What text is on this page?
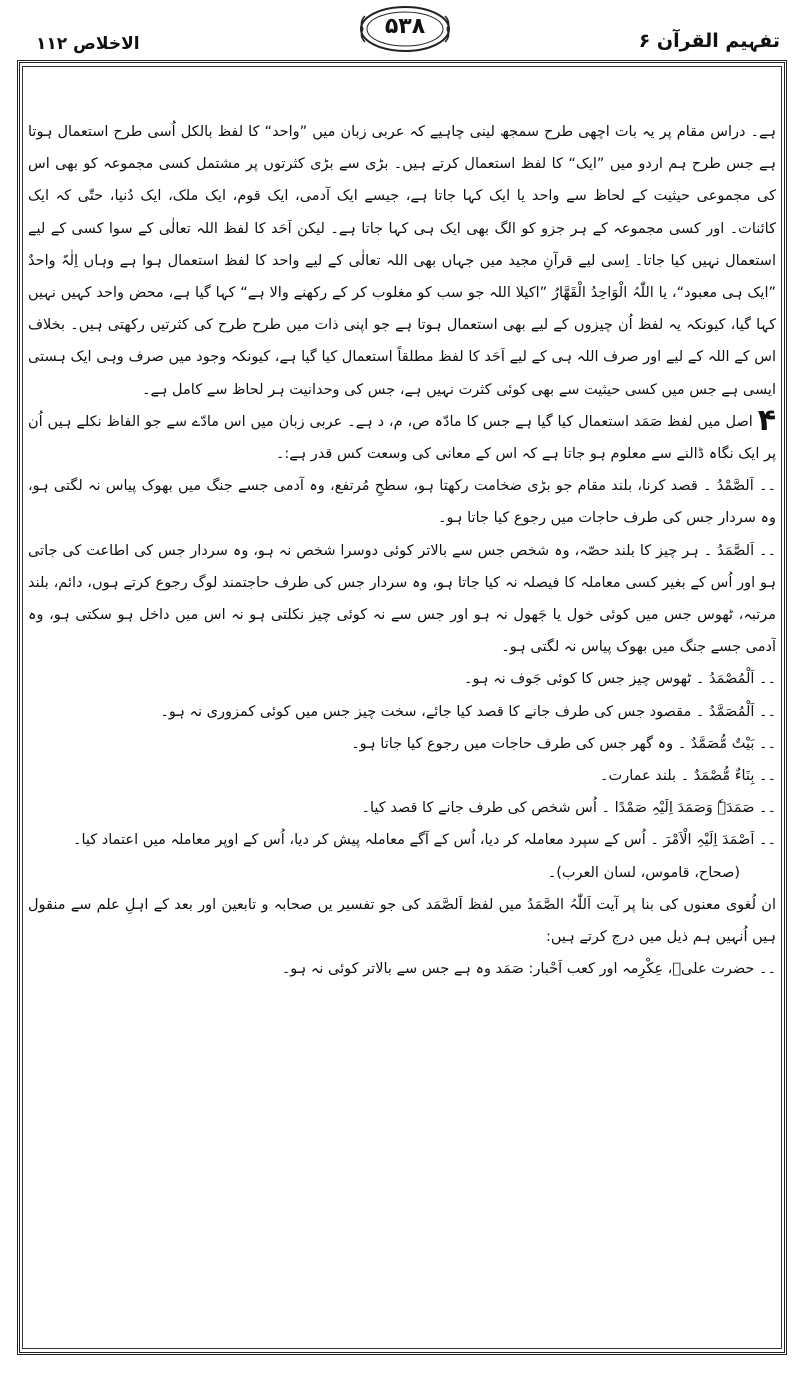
الاخلاص ۱۱۲
۵۳۸
تفہیم القرآن ۶

ہے۔ دراس مقام پر یہ بات اچھی طرح سمجھ لینی چاہیے کہ عربی زبان میں ”واحد“ کا لفظ بالکل اُسی طرح استعمال ہوتا ہے جس طرح ہم اردو میں ”ایک“ کا لفظ استعمال کرتے ہیں۔ بڑی سے بڑی کثرتوں پر مشتمل کسی مجموعہ کو بھی اس کی مجموعی حیثیت کے لحاظ سے واحد یا ایک کہا جاتا ہے، جیسے ایک آدمی، ایک قوم، ایک ملک، ایک دُنیا، حتّٰی کہ ایک کائنات۔ اور کسی مجموعہ کے ہر جزو کو الگ بھی ایک ہی کہا جاتا ہے۔ لیکن اَحَد کا لفظ اللہ تعالٰی کے سوا کسی کے لیے استعمال نہیں کیا جاتا۔ اِسی لیے قرآنِ مجید میں جہاں بھی اللہ تعالٰی کے لیے واحد کا لفظ استعمال ہوا ہے وہاں اِلٰہٌ واحدٌ ”ایک ہی معبود“، یا اللّٰہُ الْوَاحِدُ الْقَھَّارُ ”اکیلا اللہ جو سب کو مغلوب کر کے رکھنے والا ہے“ کہا گیا ہے، محض واحد کہیں نہیں کہا گیا، کیونکہ یہ لفظ اُن چیزوں کے لیے بھی استعمال ہوتا ہے جو اپنی ذات میں طرح طرح کی کثرتیں رکھتی ہیں۔ بخلاف اس کے اللہ کے لیے اور صرف اللہ ہی کے لیے اَحَد کا لفظ مطلقاً استعمال کیا گیا ہے، کیونکہ وجود میں صرف وہی ایک ہستی ایسی ہے جس میں کسی حیثیت سے بھی کوئی کثرت نہیں ہے، جس کی وحدانیت ہر لحاظ سے کامل ہے۔

۴ اصل میں لفظ صَمَد استعمال کیا گیا ہے جس کا مادّہ ص، م، د ہے۔ عربی زبان میں اس مادّے سے جو الفاظ نکلے ہیں اُن پر ایک نگاہ ڈالنے سے معلوم ہو جاتا ہے کہ اس کے معانی کی وسعت کس قدر ہے:۔

۔۔ اَلصَّمْدُ ۔ قصد کرنا، بلند مقام جو بڑی ضخامت رکھتا ہو، سطحِ مُرتفع، وہ آدمی جسے جنگ میں بھوک پیاس نہ لگتی ہو، وہ سردار جس کی طرف حاجات میں رجوع کیا جاتا ہو۔

۔۔ اَلصَّمَدُ ۔ ہر چیز کا بلند حصّہ، وہ شخص جس سے بالاتر کوئی دوسرا شخص نہ ہو، وہ سردار جس کی اطاعت کی جاتی ہو اور اُس کے بغیر کسی معاملہ کا فیصلہ نہ کیا جاتا ہو، وہ سردار جس کی طرف حاجتمند لوگ رجوع کرتے ہوں، دائم، بلند مرتبہ، ٹھوس جس میں کوئی خول یا جَھول نہ ہو اور جس سے نہ کوئی چیز نکلتی ہو نہ اس میں داخل ہو سکتی ہو، وہ آدمی جسے جنگ میں بھوک پیاس نہ لگتی ہو۔

۔۔ اَلْمُصْمَدُ ۔ ٹھوس چیز جس کا کوئی جَوف نہ ہو۔

۔۔ اَلْمُصَمَّدُ ۔ مقصود جس کی طرف جانے کا قصد کیا جائے، سخت چیز جس میں کوئی کمزوری نہ ہو۔

۔۔ بَیْتٌ مُّصَمَّدٌ ۔ وہ گھر جس کی طرف حاجات میں رجوع کیا جاتا ہو۔

۔۔ بِنَاءٌ مُّصْمَدٌ ۔ بلند عمارت۔

۔۔ صَمَدَہٗ وَصَمَدَ اِلَیْہِ صَمْدًا ۔ اُس شخص کی طرف جانے کا قصد کیا۔

۔۔ اَصْمَدَ اِلَیْہِ الْاَمْرَ ۔ اُس کے سپرد معاملہ کر دیا، اُس کے آگے معاملہ پیش کر دیا، اُس کے اوپر معاملہ میں اعتماد کیا۔

(صحاح، قاموس، لسان العرب)۔

ان لُغوی معنوں کی بنا پر آیت اَللّٰہُ الصَّمَدُ میں لفظ اَلصَّمَد کی جو تفسیر یں صحابہ و تابعین اور بعد کے اہلِ علم سے منقول ہیں اُنہیں ہم ذیل میں درج کرتے ہیں:

۔۔ حضرت علیؓ، عِکْرِمہ اور کعب اَحْبار: صَمَد وہ ہے جس سے بالاتر کوئی نہ ہو۔
